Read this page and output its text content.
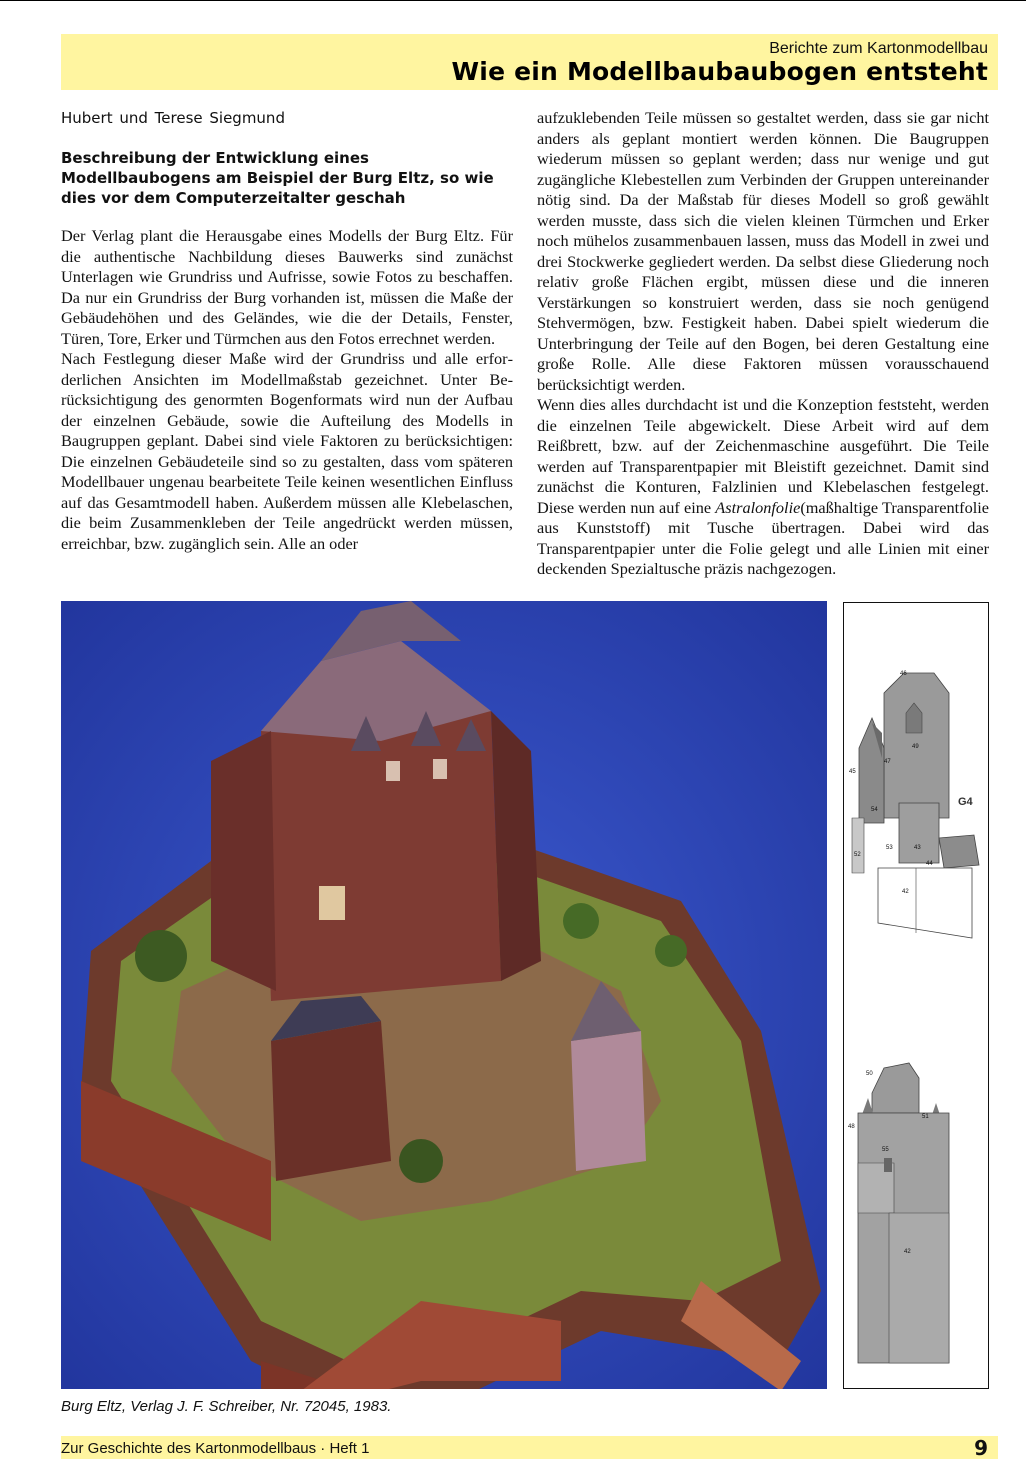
Berichte zum Kartonmodellbau
Wie ein Modellbaubaubogen entsteht
Hubert und Terese Siegmund
Beschreibung der Entwicklung eines Modellbaubogens am Beispiel der Burg Eltz, so wie dies vor dem Computerzeitalter geschah

Der Verlag plant die Herausgabe eines Modells der Burg Eltz. Für die authentische Nachbildung dieses Bauwerks sind zunächst Unterlagen wie Grundriss und Aufrisse, sowie Fotos zu beschaffen. Da nur ein Grundriss der Burg vorhanden ist, müssen die Maße der Gebäudehöhen und des Geländes, wie die der Details, Fenster, Türen, Tore, Erker und Türmchen aus den Fotos errechnet werden.

Nach Festlegung dieser Maße wird der Grundriss und alle erforderlichen Ansichten im Modellmaßstab gezeichnet. Unter Berücksichtigung des genormten Bogenformats wird nun der Aufbau der einzelnen Gebäude, sowie die Aufteilung des Modells in Baugruppen geplant. Dabei sind viele Faktoren zu berücksichtigen: Die einzelnen Gebäudeteile sind so zu gestalten, dass vom späteren Modellbauer ungenau bearbeitete Teile keinen wesentlichen Einfluss auf das Gesamtmodell haben. Außerdem müssen alle Klebelaschen, die beim Zusammenkleben der Teile angedrückt werden müssen, erreichbar, bzw. zugänglich sein. Alle an oder

aufzuklebenden Teile müssen so gestaltet werden, dass sie gar nicht anders als geplant montiert werden können. Die Baugruppen wiederum müssen so geplant werden; dass nur wenige und gut zugängliche Klebestellen zum Verbinden der Gruppen untereinander nötig sind. Da der Maßstab für dieses Modell so groß gewählt werden musste, dass sich die vielen kleinen Türmchen und Erker noch mühelos zusammenbauen lassen, muss das Modell in zwei und drei Stockwerke gegliedert werden. Da selbst diese Gliederung noch relativ große Flächen ergibt, müssen diese und die inneren Verstärkungen so konstruiert werden, dass sie noch genügend Stehvermögen, bzw. Festigkeit haben. Dabei spielt wiederum die Unterbringung der Teile auf den Bogen, bei deren Gestaltung eine große Rolle. Alle diese Faktoren müssen vorausschauend berücksichtigt werden.

Wenn dies alles durchdacht ist und die Konzeption feststeht, werden die einzelnen Teile abgewickelt. Diese Arbeit wird auf dem Reißbrett, bzw. auf der Zeichenmaschine ausgeführt. Die Teile werden auf Transparentpapier mit Bleistift gezeichnet. Damit sind zunächst die Konturen, Falzlinien und Klebelaschen festgelegt. Diese werden nun auf eine Astralonfolie(maßhaltige Transparentfolie aus Kunststoff) mit Tusche übertragen. Dabei wird das Transparentpapier unter die Folie gelegt und alle Linien mit einer deckenden Spezialtusche präzis nachgezogen.

46
49
47
45
54
53
52
43
44
42
G4
50
51
48
55
42
Burg Eltz, Verlag J. F. Schreiber, Nr. 72045, 1983.
Zur Geschichte des Kartonmodellbaus · Heft 1	9
